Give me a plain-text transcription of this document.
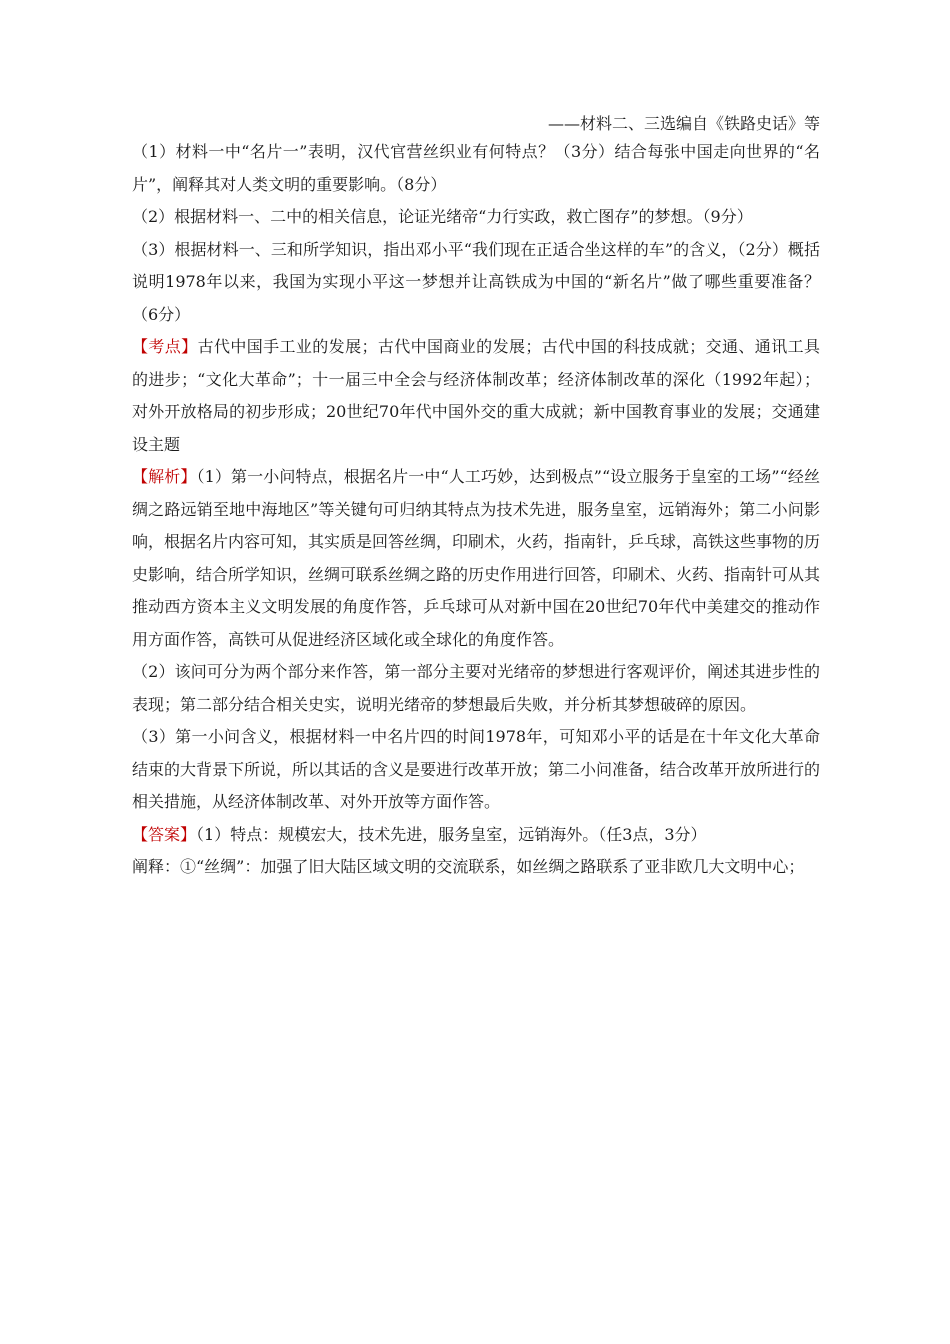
——材料二、三选编自《铁路史话》等

（1）材料一中“名片一”表明，汉代官营丝织业有何特点？（3分）结合每张中国走向世界的“名片”，阐释其对人类文明的重要影响。（8分）

（2）根据材料一、二中的相关信息，论证光绪帝“力行实政，救亡图存”的梦想。（9分）

（3）根据材料一、三和所学知识，指出邓小平“我们现在正适合坐这样的车”的含义，（2分）概括说明1978年以来，我国为实现小平这一梦想并让高铁成为中国的“新名片”做了哪些重要准备？（6分）

【考点】古代中国手工业的发展；古代中国商业的发展；古代中国的科技成就；交通、通讯工具的进步；“文化大革命”；十一届三中全会与经济体制改革；经济体制改革的深化（1992年起）；对外开放格局的初步形成；20世纪70年代中国外交的重大成就；新中国教育事业的发展；交通建设主题

【解析】（1）第一小问特点，根据名片一中“人工巧妙，达到极点”“设立服务于皇室的工场”“经丝绸之路远销至地中海地区”等关键句可归纳其特点为技术先进，服务皇室，远销海外；第二小问影响，根据名片内容可知，其实质是回答丝绸，印刷术，火药，指南针，乒乓球，高铁这些事物的历史影响，结合所学知识，丝绸可联系丝绸之路的历史作用进行回答，印刷术、火药、指南针可从其推动西方资本主义文明发展的角度作答，乒乓球可从对新中国在20世纪70年代中美建交的推动作用方面作答，高铁可从促进经济区域化或全球化的角度作答。

（2）该问可分为两个部分来作答，第一部分主要对光绪帝的梦想进行客观评价，阐述其进步性的表现；第二部分结合相关史实，说明光绪帝的梦想最后失败，并分析其梦想破碎的原因。

（3）第一小问含义，根据材料一中名片四的时间1978年，可知邓小平的话是在十年文化大革命结束的大背景下所说，所以其话的含义是要进行改革开放；第二小问准备，结合改革开放所进行的相关措施，从经济体制改革、对外开放等方面作答。

【答案】（1）特点：规模宏大，技术先进，服务皇室，远销海外。（任3点，3分）

阐释：①“丝绸”：加强了旧大陆区域文明的交流联系，如丝绸之路联系了亚非欧几大文明中心；
